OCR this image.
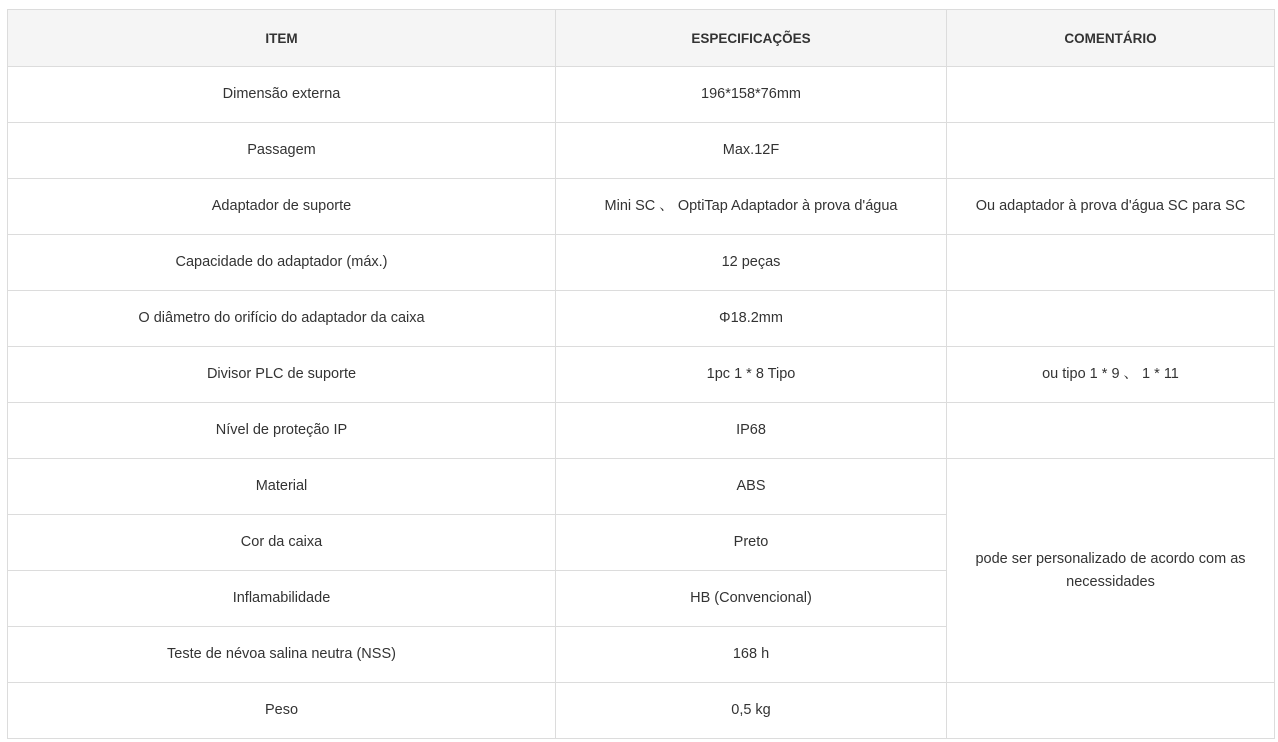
ITEM	ESPECIFICAÇÕES	COMENTÁRIO
Dimensão externa	196*158*76mm	
Passagem	Max.12F	
Adaptador de suporte	Mini SC 、 OptiTap Adaptador à prova d'água	Ou adaptador à prova d'água SC para SC
Capacidade do adaptador (máx.)	12 peças	
O diâmetro do orifício do adaptador da caixa	Φ18.2mm	
Divisor PLC de suporte	1pc 1 * 8 Tipo	ou tipo 1 * 9 、 1 * 11
Nível de proteção IP	IP68	
Material	ABS	pode ser personalizado de acordo com as necessidades
Cor da caixa	Preto	
Inflamabilidade	HB (Convencional)	
Teste de névoa salina neutra (NSS)	168 h	
Peso	0,5 kg	
